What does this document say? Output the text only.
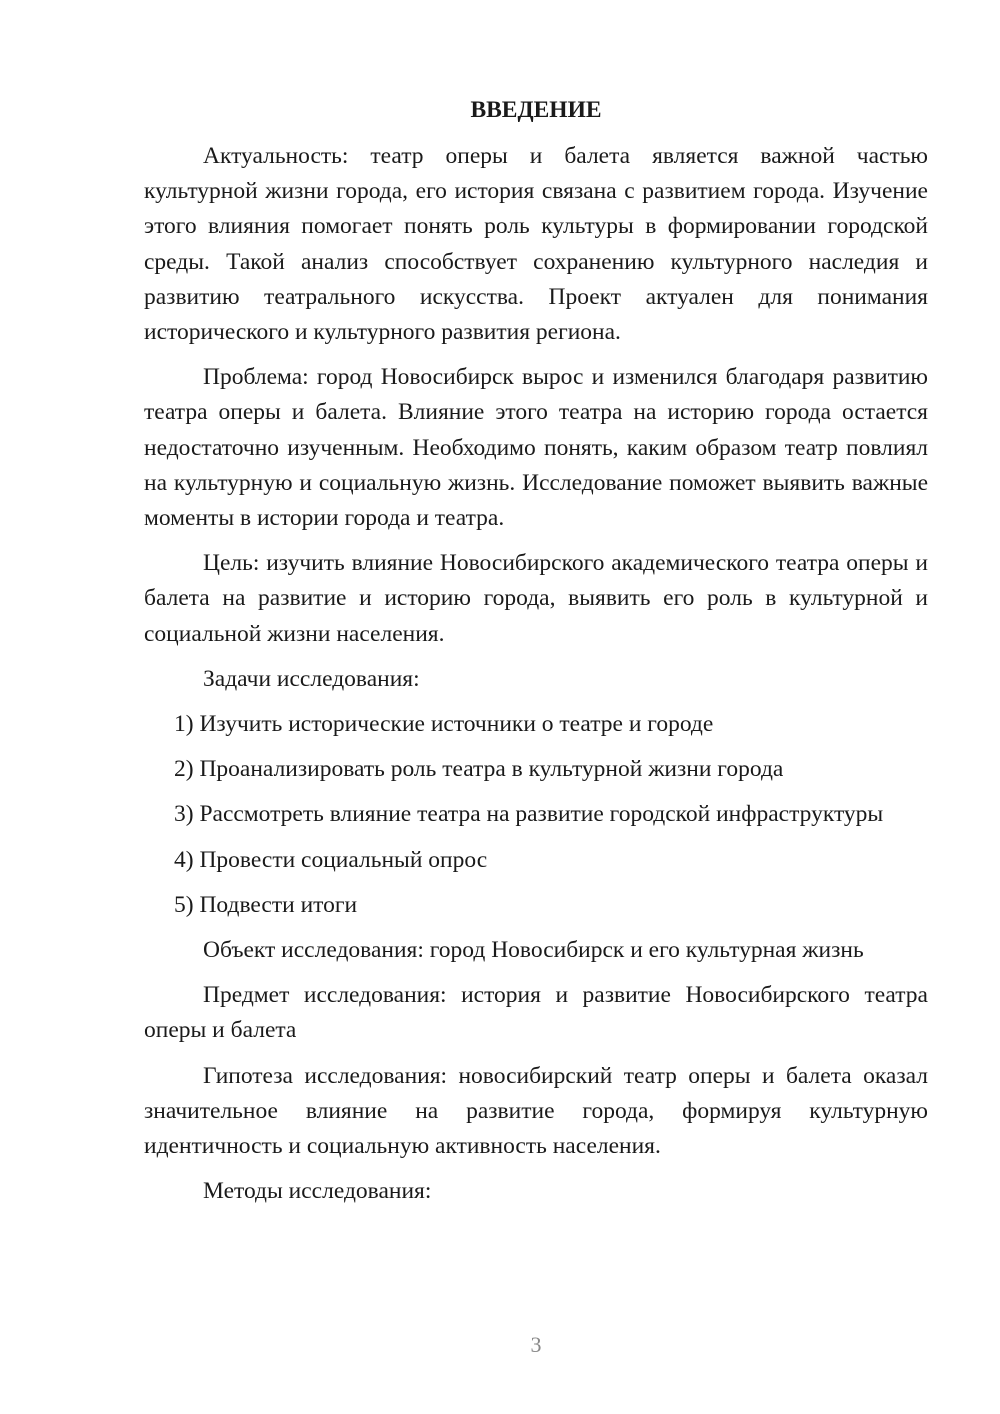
ВВЕДЕНИЕ

Актуальность: театр оперы и балета является важной частью культурной жизни города, его история связана с развитием города. Изучение этого влияния помогает понять роль культуры в формировании городской среды. Такой анализ способствует сохранению культурного наследия и развитию театрального искусства. Проект актуален для понимания исторического и культурного развития региона.

Проблема: город Новосибирск вырос и изменился благодаря развитию театра оперы и балета. Влияние этого театра на историю города остается недостаточно изученным. Необходимо понять, каким образом театр повлиял на культурную и социальную жизнь. Исследование поможет выявить важные моменты в истории города и театра.

Цель: изучить влияние Новосибирского академического театра оперы и балета на развитие и историю города, выявить его роль в культурной и социальной жизни населения.

Задачи исследования:

1) Изучить исторические источники о театре и городе

2) Проанализировать роль театра в культурной жизни города

3) Рассмотреть влияние театра на развитие городской инфраструктуры

4) Провести социальный опрос

5) Подвести итоги

Объект исследования: город Новосибирск и его культурная жизнь

Предмет исследования: история и развитие Новосибирского театра оперы и балета

Гипотеза исследования: новосибирский театр оперы и балета оказал значительное влияние на развитие города, формируя культурную идентичность и социальную активность населения.

Методы исследования:

3
